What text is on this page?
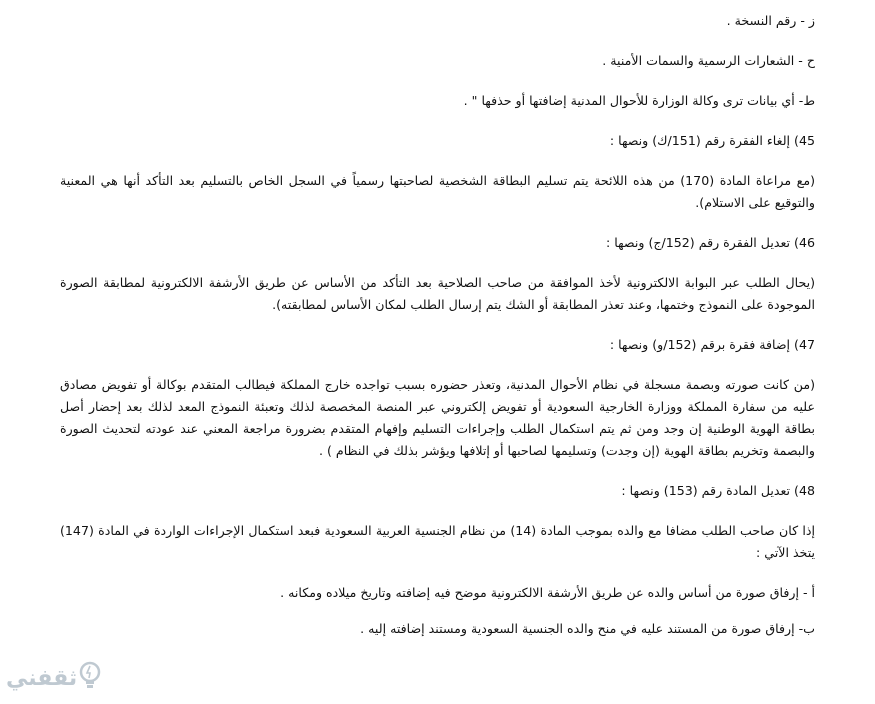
ز - رقم النسخة .

ح - الشعارات الرسمية والسمات الأمنية .

ط- أي بيانات ترى وكالة الوزارة للأحوال المدنية إضافتها أو حذفها " .

45) إلغاء الفقرة رقم (151/ك) ونصها :

(مع مراعاة المادة (170) من هذه اللائحة يتم تسليم البطاقة الشخصية لصاحبتها رسمياً في السجل الخاص بالتسليم بعد التأكد أنها هي المعنية والتوقيع على الاستلام).

46) تعديل الفقرة رقم (152/ج) ونصها :

(يحال الطلب عبر البوابة الالكترونية لأخذ الموافقة من صاحب الصلاحية بعد التأكد من الأساس عن طريق الأرشفة الالكترونية لمطابقة الصورة الموجودة على النموذج وختمها، وعند تعذر المطابقة أو الشك يتم إرسال الطلب لمكان الأساس لمطابقته).

47) إضافة فقرة برقم (152/و) ونصها :

(من كانت صورته وبصمة مسجلة في نظام الأحوال المدنية، وتعذر حضوره بسبب تواجده خارج المملكة فيطالب المتقدم بوكالة أو تفويض مصادق عليه من سفارة المملكة ووزارة الخارجية السعودية أو تفويض إلكتروني عبر المنصة المخصصة لذلك وتعبئة النموذج المعد لذلك بعد إحضار أصل بطاقة الهوية الوطنية إن وجد ومن ثم يتم استكمال الطلب وإجراءات التسليم وإفهام المتقدم بضرورة مراجعة المعني عند عودته لتحديث الصورة والبصمة وتخريم بطاقة الهوية (إن وجدت) وتسليمها لصاحبها أو إتلافها ويؤشر بذلك في النظام ) .

48) تعديل المادة رقم (153) ونصها :

إذا كان صاحب الطلب مضافا مع والده بموجب المادة (14) من نظام الجنسية العربية السعودية فبعد استكمال الإجراءات الواردة في المادة (147) يتخذ الآتي :

أ - إرفاق صورة من أساس والده عن طريق الأرشفة الالكترونية موضح فيه إضافته وتاريخ ميلاده ومكانه .

ب- إرفاق صورة من المستند عليه في منح والده الجنسية السعودية ومستند إضافته إليه .

ثقفني
